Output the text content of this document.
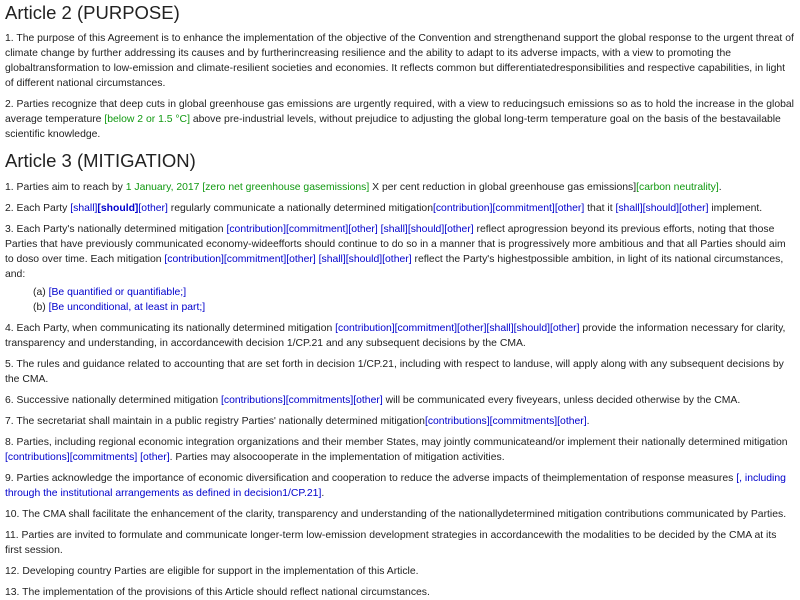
Article 2 (PURPOSE)

1. The purpose of this Agreement is to enhance the implementation of the objective of the Convention and strengthenand support the global response to the urgent threat of climate change by further addressing its causes and by furtherincreasing resilience and the ability to adapt to its adverse impacts, with a view to promoting the globaltransformation to low-emission and climate-resilient societies and economies. It reflects common but differentiatedresponsibilities and respective capabilities, in light of different national circumstances.

2. Parties recognize that deep cuts in global greenhouse gas emissions are urgently required, with a view to reducingsuch emissions so as to hold the increase in the global average temperature [below 2 or 1.5 °C] above pre-industrial levels, without prejudice to adjusting the global long-term temperature goal on the basis of the bestavailable scientific knowledge.

Article 3 (MITIGATION)

1. Parties aim to reach by 1 January, 2017 [zero net greenhouse gasemissions] X per cent reduction in global greenhouse gas emissions][carbon neutrality].

2. Each Party [shall][should][other] regularly communicate a nationally determined mitigation[contribution][commitment][other] that it [shall][should][other] implement.

3. Each Party's nationally determined mitigation [contribution][commitment][other] [shall][should][other] reflect aprogression beyond its previous efforts, noting that those Parties that have previously communicated economy-wideefforts should continue to do so in a manner that is progressively more ambitious and that all Parties should aim to doso over time. Each mitigation [contribution][commitment][other] [shall][should][other] reflect the Party's highestpossible ambition, in light of its national circumstances, and:

(a) [Be quantified or quantifiable;]
(b) [Be unconditional, at least in part;]

4. Each Party, when communicating its nationally determined mitigation [contribution][commitment][other][shall][should][other] provide the information necessary for clarity, transparency and understanding, in accordancewith decision 1/CP.21 and any subsequent decisions by the CMA.

5. The rules and guidance related to accounting that are set forth in decision 1/CP.21, including with respect to landuse, will apply along with any subsequent decisions by the CMA.

6. Successive nationally determined mitigation [contributions][commitments][other] will be communicated every fiveyears, unless decided otherwise by the CMA.

7. The secretariat shall maintain in a public registry Parties' nationally determined mitigation[contributions][commitments][other].

8. Parties, including regional economic integration organizations and their member States, may jointly communicateand/or implement their nationally determined mitigation [contributions][commitments] [other]. Parties may alsocooperate in the implementation of mitigation activities.

9. Parties acknowledge the importance of economic diversification and cooperation to reduce the adverse impacts of theimplementation of response measures [, including through the institutional arrangements as defined in decision1/CP.21].

10. The CMA shall facilitate the enhancement of the clarity, transparency and understanding of the nationallydetermined mitigation contributions communicated by Parties.

11. Parties are invited to formulate and communicate longer-term low-emission development strategies in accordancewith the modalities to be decided by the CMA at its first session.

12. Developing country Parties are eligible for support in the implementation of this Article.

13. The implementation of the provisions of this Article should reflect national circumstances.
